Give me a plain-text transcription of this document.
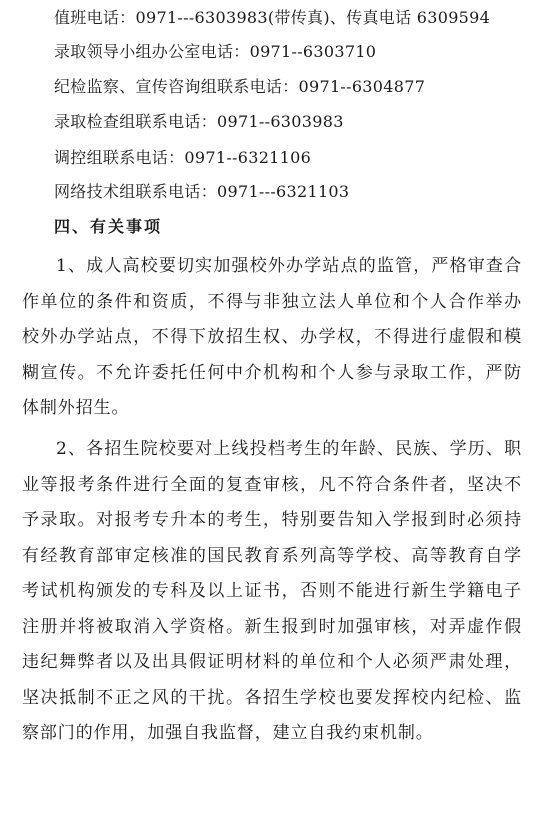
值班电话：0971---6303983(带传真)、传真电话 6309594
录取领导小组办公室电话：0971--6303710
纪检监察、宣传咨询组联系电话：0971--6304877
录取检查组联系电话：0971--6303983
调控组联系电话：0971--6321106
网络技术组联系电话：0971---6321103
四、有关事项
1、成人高校要切实加强校外办学站点的监管，严格审查合作单位的条件和资质，不得与非独立法人单位和个人合作举办校外办学站点，不得下放招生权、办学权，不得进行虚假和模糊宣传。不允许委托任何中介机构和个人参与录取工作，严防体制外招生。
2、各招生院校要对上线投档考生的年龄、民族、学历、职业等报考条件进行全面的复查审核，凡不符合条件者，坚决不予录取。对报考专升本的考生，特别要告知入学报到时必须持有经教育部审定核准的国民教育系列高等学校、高等教育自学考试机构颁发的专科及以上证书，否则不能进行新生学籍电子注册并将被取消入学资格。新生报到时加强审核，对弄虚作假违纪舞弊者以及出具假证明材料的单位和个人必须严肃处理，坚决抵制不正之风的干扰。各招生学校也要发挥校内纪检、监察部门的作用，加强自我监督，建立自我约束机制。
